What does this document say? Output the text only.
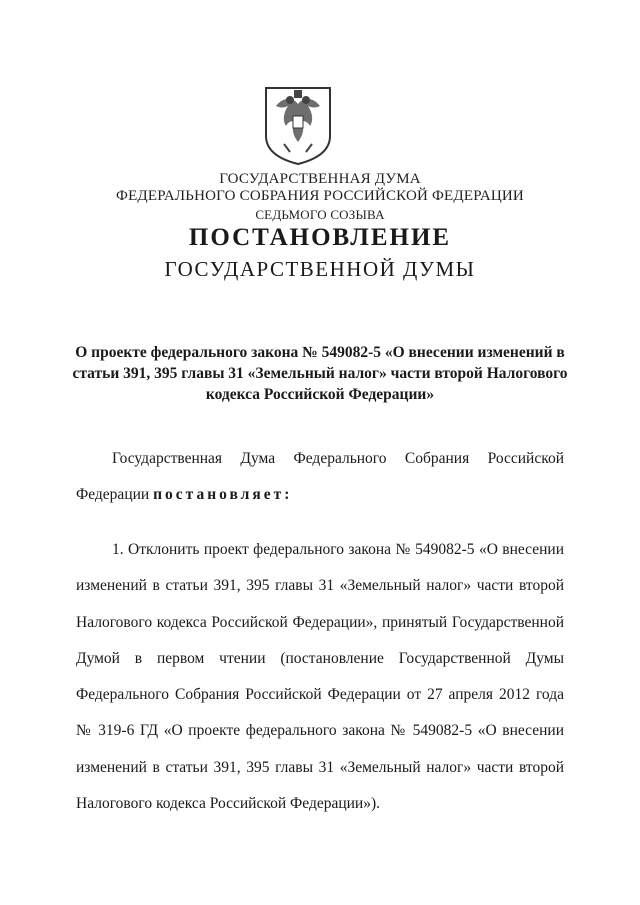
ГОСУДАРСТВЕННАЯ ДУМА
ФЕДЕРАЛЬНОГО СОБРАНИЯ РОССИЙСКОЙ ФЕДЕРАЦИИ
СЕДЬМОГО СОЗЫВА
ПОСТАНОВЛЕНИЕ
ГОСУДАРСТВЕННОЙ ДУМЫ
О проекте федерального закона № 549082-5 «О внесении изменений в статьи 391, 395 главы 31 «Земельный налог» части второй Налогового кодекса Российской Федерации»
Государственная Дума Федерального Собрания Российской Федерации постановляет:
1. Отклонить проект федерального закона № 549082-5 «О внесении изменений в статьи 391, 395 главы 31 «Земельный налог» части второй Налогового кодекса Российской Федерации», принятый Государственной Думой в первом чтении (постановление Государственной Думы Федерального Собрания Российской Федерации от 27 апреля 2012 года № 319-6 ГД «О проекте федерального закона № 549082-5 «О внесении изменений в статьи 391, 395 главы 31 «Земельный налог» части второй Налогового кодекса Российской Федерации»).
